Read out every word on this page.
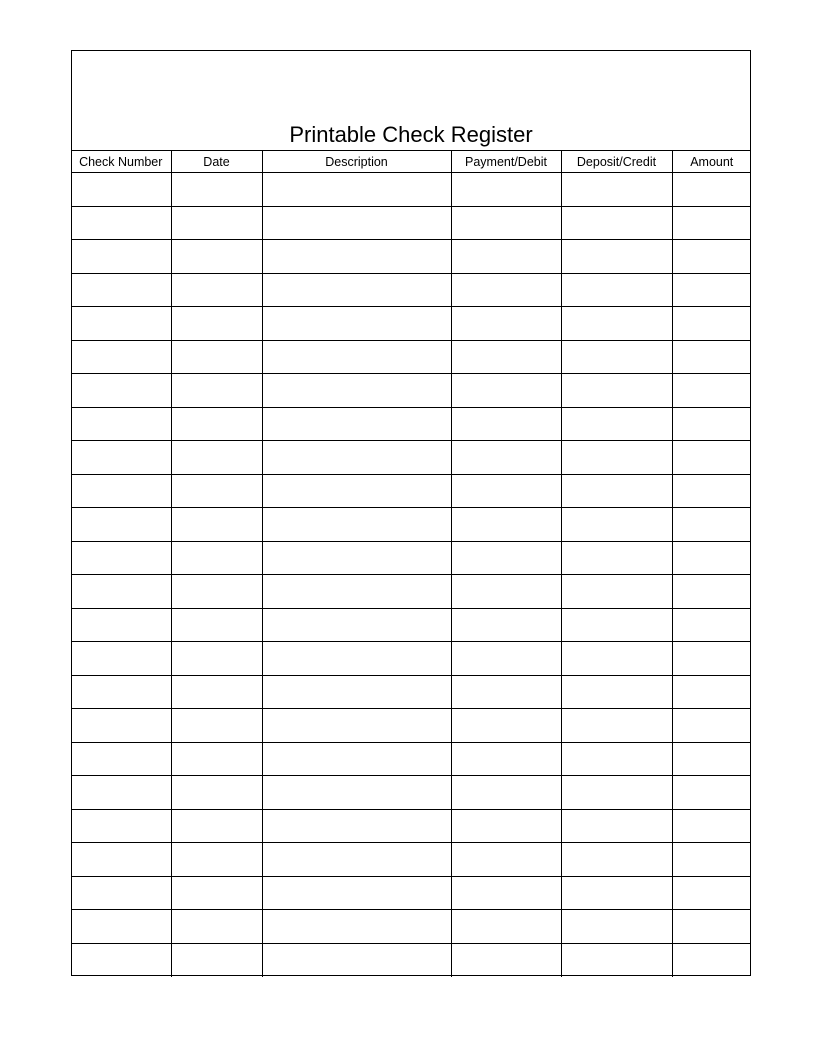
Printable Check Register
Check Number	Date	Description	Payment/Debit	Deposit/Credit	Amount
